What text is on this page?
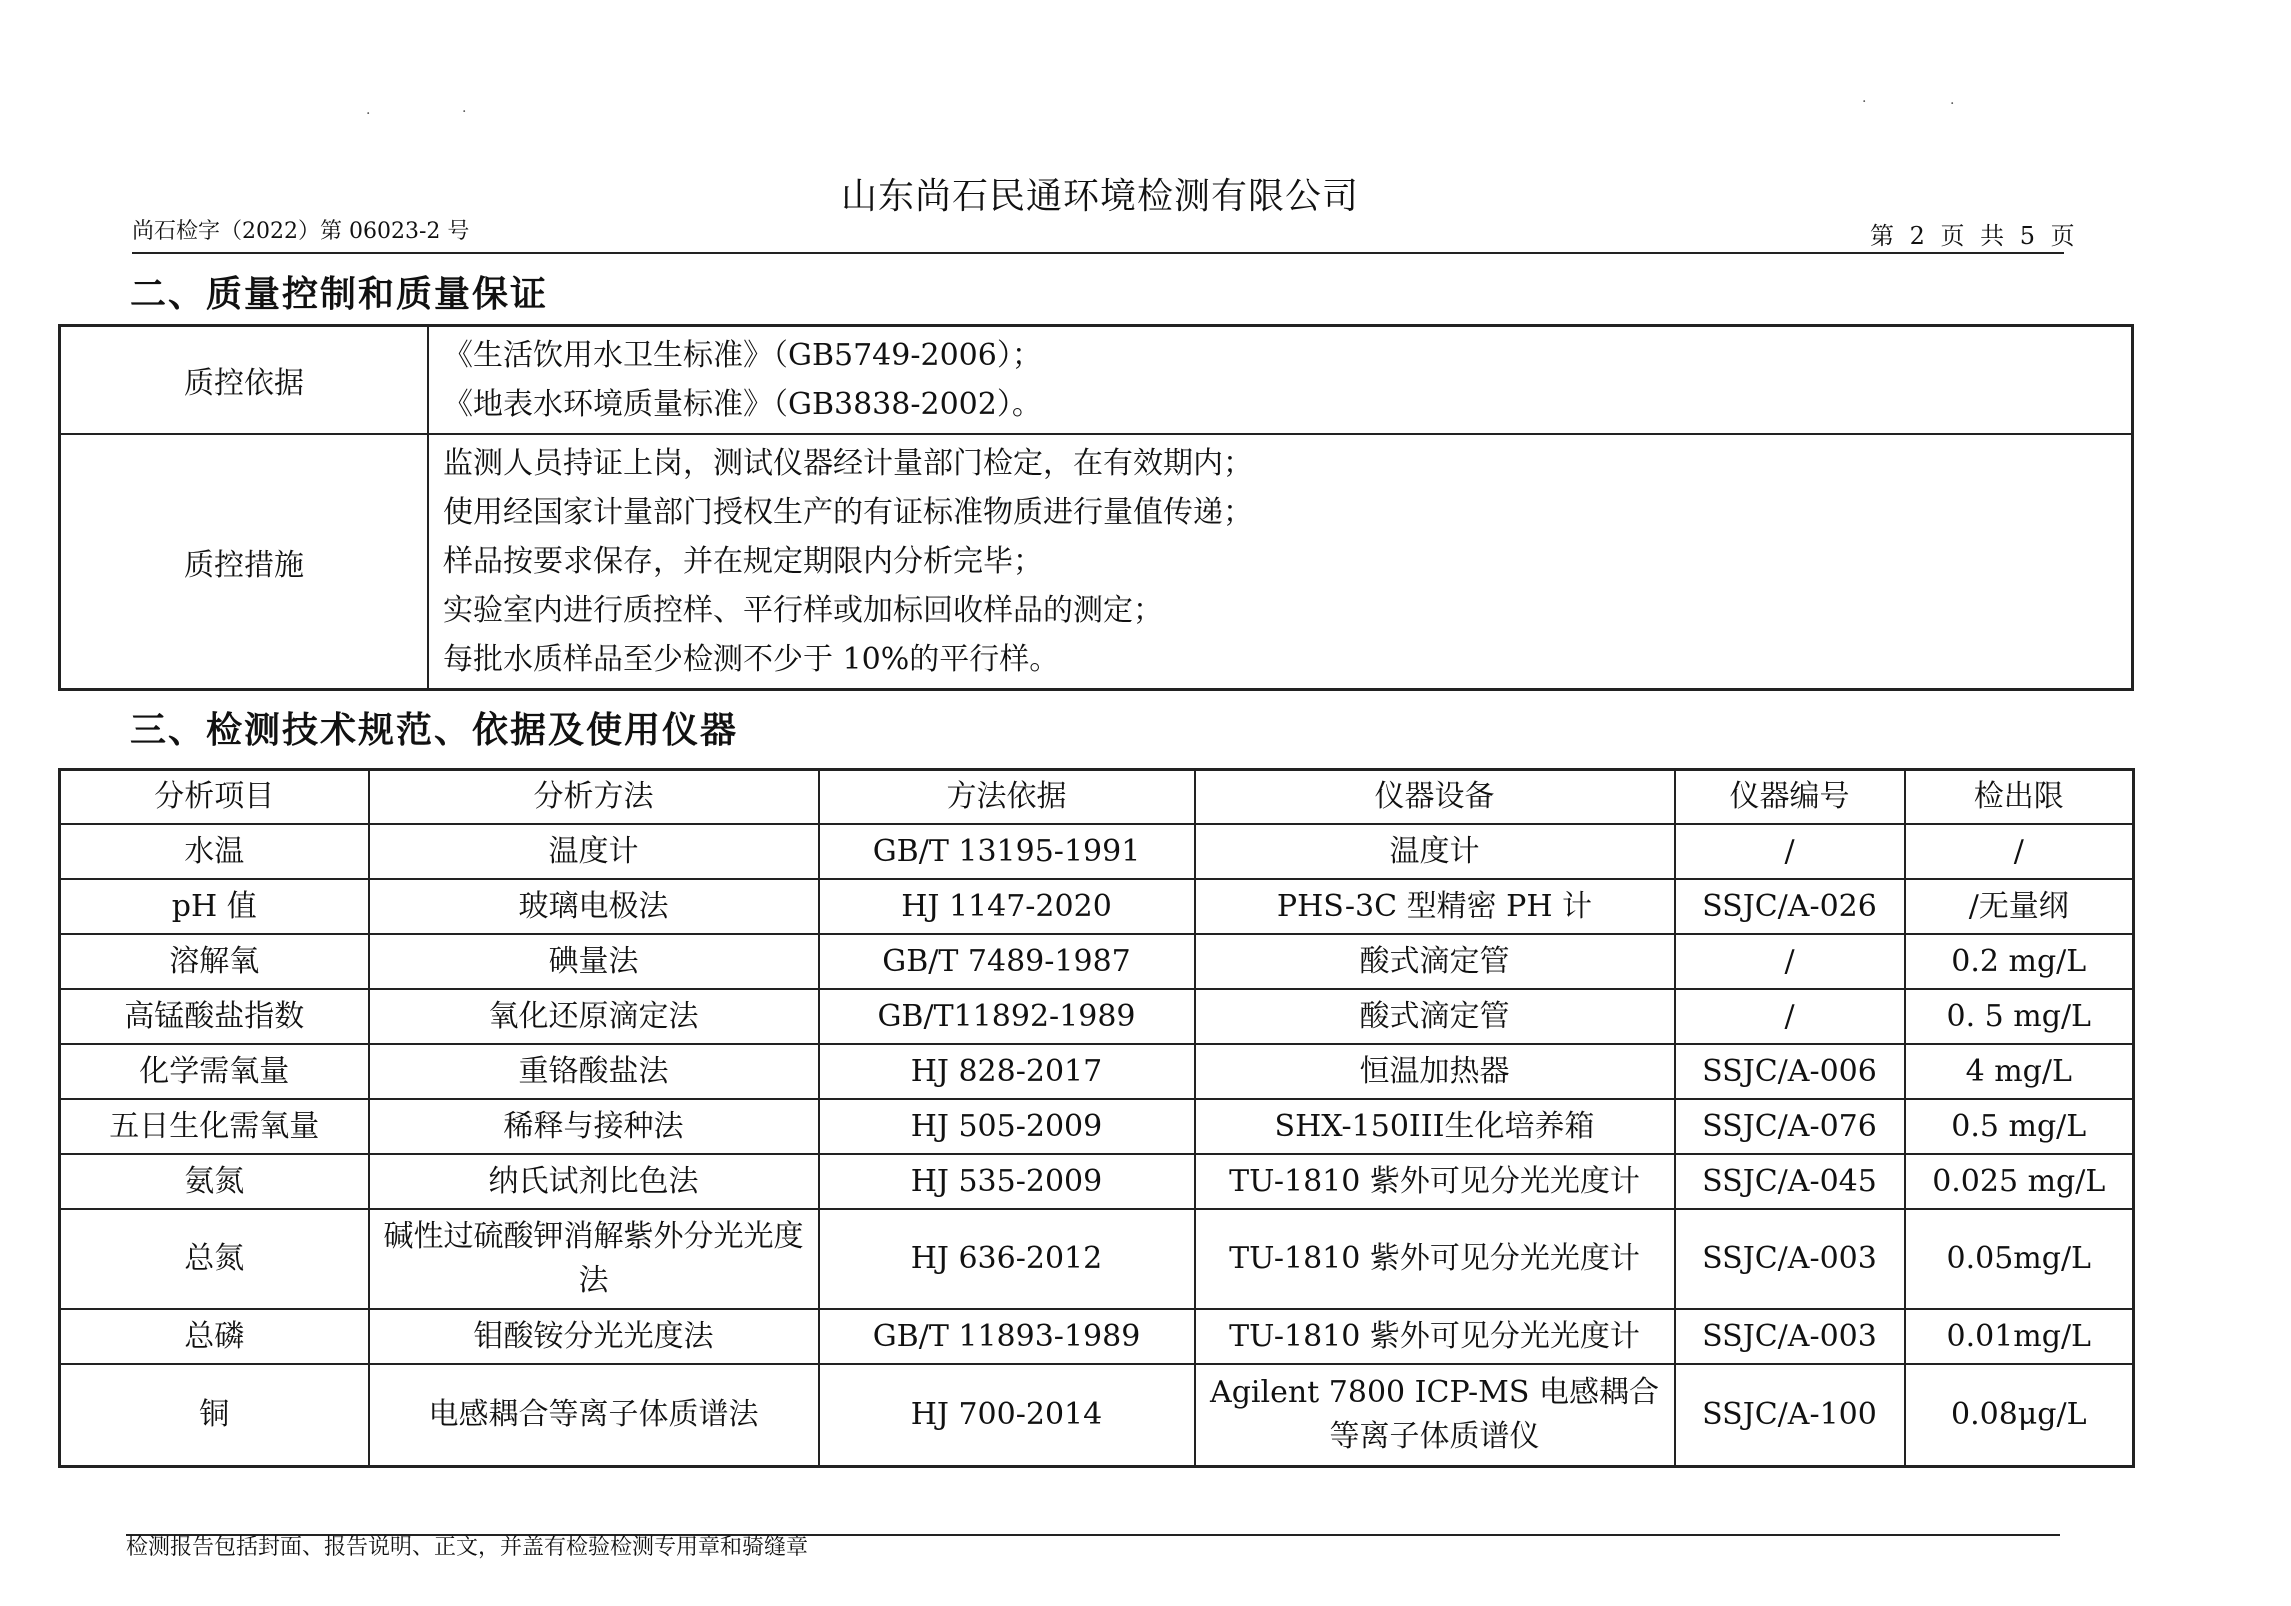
·	·
·	·
山东尚石民通环境检测有限公司
尚石检字（2022）第 06023-2 号	第 2 页 共 5 页
二、质量控制和质量保证
质控依据	《生活饮用水卫生标准》（GB5749-2006）；
《地表水环境质量标准》（GB3838-2002）。

质控措施	监测人员持证上岗，测试仪器经计量部门检定，在有效期内；
使用经国家计量部门授权生产的有证标准物质进行量值传递；
样品按要求保存，并在规定期限内分析完毕；
实验室内进行质控样、平行样或加标回收样品的测定；
每批水质样品至少检测不少于 10%的平行样。
三、检测技术规范、依据及使用仪器
分析项目	分析方法	方法依据	仪器设备	仪器编号	检出限
水温	温度计	GB/T 13195-1991	温度计	/	/
pH 值	玻璃电极法	HJ 1147-2020	PHS-3C 型精密 PH 计	SSJC/A-026	/无量纲
溶解氧	碘量法	GB/T 7489-1987	酸式滴定管	/	0.2 mg/L
高锰酸盐指数	氧化还原滴定法	GB/T11892-1989	酸式滴定管	/	0. 5 mg/L
化学需氧量	重铬酸盐法	HJ 828-2017	恒温加热器	SSJC/A-006	4 mg/L
五日生化需氧量	稀释与接种法	HJ 505-2009	SHX-150III生化培养箱	SSJC/A-076	0.5 mg/L
氨氮	纳氏试剂比色法	HJ 535-2009	TU-1810 紫外可见分光光度计	SSJC/A-045	0.025 mg/L
总氮	碱性过硫酸钾消解紫外分光光度法	HJ 636-2012	TU-1810 紫外可见分光光度计	SSJC/A-003	0.05mg/L
总磷	钼酸铵分光光度法	GB/T 11893-1989	TU-1810 紫外可见分光光度计	SSJC/A-003	0.01mg/L
铜	电感耦合等离子体质谱法	HJ 700-2014	Agilent 7800 ICP-MS 电感耦合等离子体质谱仪	SSJC/A-100	0.08μg/L
检测报告包括封面、报告说明、正文，并盖有检验检测专用章和骑缝章
